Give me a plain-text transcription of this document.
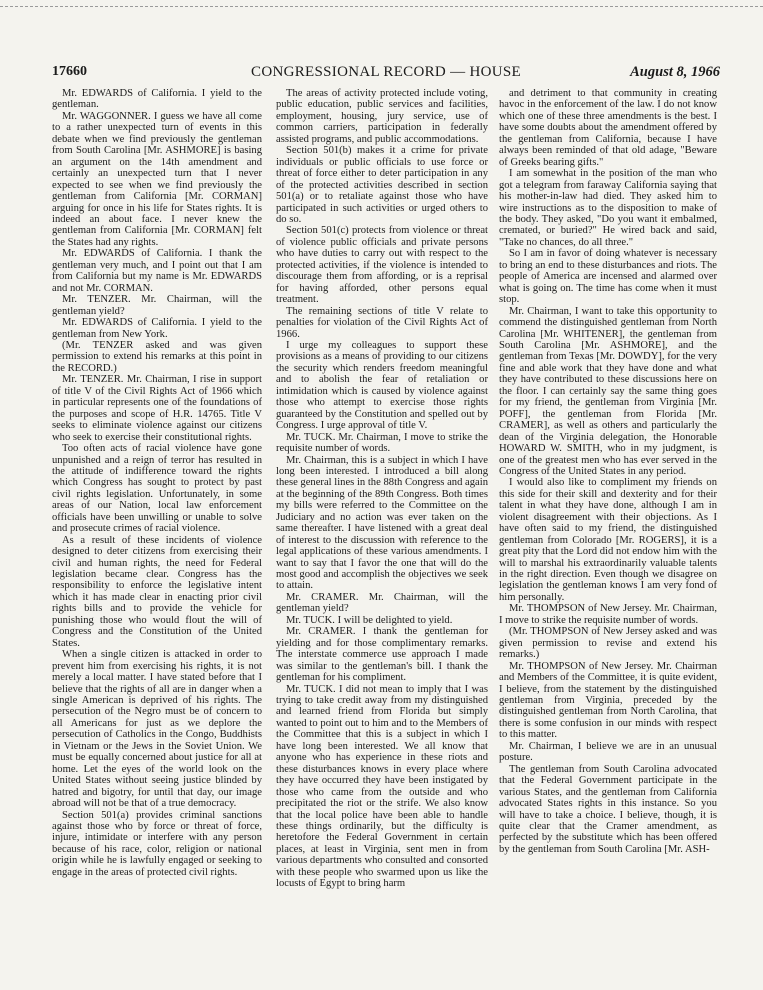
17660	CONGRESSIONAL RECORD — HOUSE	August 8, 1966

Mr. EDWARDS of California. I yield to the gentleman.

Mr. WAGGONNER. I guess we have all come to a rather unexpected turn of events in this debate when we find previously the gentleman from South Carolina [Mr. ASHMORE] is basing an argument on the 14th amendment and certainly an unexpected turn that I never expected to see when we find previously the gentleman from California [Mr. CORMAN] arguing for once in his life for States rights. It is indeed an about face. I never knew the gentleman from California [Mr. CORMAN] felt the States had any rights.

Mr. EDWARDS of California. I thank the gentleman very much, and I point out that I am from California but my name is Mr. EDWARDS and not Mr. CORMAN.

Mr. TENZER. Mr. Chairman, will the gentleman yield?

Mr. EDWARDS of California. I yield to the gentleman from New York.

(Mr. TENZER asked and was given permission to extend his remarks at this point in the RECORD.)

Mr. TENZER. Mr. Chairman, I rise in support of title V of the Civil Rights Act of 1966 which in particular represents one of the foundations of the purposes and scope of H.R. 14765. Title V seeks to eliminate violence against our citizens who seek to exercise their constitutional rights.

Too often acts of racial violence have gone unpunished and a reign of terror has resulted in the attitude of indifference toward the rights which Congress has sought to protect by past civil rights legislation. Unfortunately, in some areas of our Nation, local law enforcement officials have been unwilling or unable to solve and prosecute crimes of racial violence.

As a result of these incidents of violence designed to deter citizens from exercising their civil and human rights, the need for Federal legislation became clear. Congress has the responsibility to enforce the legislative intent which it has made clear in enacting prior civil rights bills and to provide the vehicle for punishing those who would flout the will of Congress and the Constitution of the United States.

When a single citizen is attacked in order to prevent him from exercising his rights, it is not merely a local matter. I have stated before that I believe that the rights of all are in danger when a single American is deprived of his rights. The persecution of the Negro must be of concern to all Americans for just as we deplore the persecution of Catholics in the Congo, Buddhists in Vietnam or the Jews in the Soviet Union. We must be equally concerned about justice for all at home. Let the eyes of the world look on the United States without seeing justice blinded by hatred and bigotry, for until that day, our image abroad will not be that of a true democracy.

Section 501(a) provides criminal sanctions against those who by force or threat of force, injure, intimidate or interfere with any person because of his race, color, religion or national origin while he is lawfully engaged or seeking to engage in the areas of protected civil rights.

The areas of activity protected include voting, public education, public services and facilities, employment, housing, jury service, use of common carriers, participation in federally assisted programs, and public accommodations.

Section 501(b) makes it a crime for private individuals or public officials to use force or threat of force either to deter participation in any of the protected activities described in section 501(a) or to retaliate against those who have participated in such activities or urged others to do so.

Section 501(c) protects from violence or threat of violence public officials and private persons who have duties to carry out with respect to the protected activities, if the violence is intended to discourage them from affording, or is a reprisal for having afforded, other persons equal treatment.

The remaining sections of title V relate to penalties for violation of the Civil Rights Act of 1966.

I urge my colleagues to support these provisions as a means of providing to our citizens the security which renders freedom meaningful and to abolish the fear of retaliation or intimidation which is caused by violence against those who attempt to exercise those rights guaranteed by the Constitution and spelled out by Congress. I urge approval of title V.

Mr. TUCK. Mr. Chairman, I move to strike the requisite number of words.

Mr. Chairman, this is a subject in which I have long been interested. I introduced a bill along these general lines in the 88th Congress and again at the beginning of the 89th Congress. Both times my bills were referred to the Committee on the Judiciary and no action was ever taken on the same thereafter. I have listened with a great deal of interest to the discussion with reference to the legal applications of these various amendments. I want to say that I favor the one that will do the most good and accomplish the objectives we seek to attain.

Mr. CRAMER. Mr. Chairman, will the gentleman yield?

Mr. TUCK. I will be delighted to yield.

Mr. CRAMER. I thank the gentleman for yielding and for those complimentary remarks. The interstate commerce use approach I made was similar to the gentleman's bill. I thank the gentleman for his compliment.

Mr. TUCK. I did not mean to imply that I was trying to take credit away from my distinguished and learned friend from Florida but simply wanted to point out to him and to the Members of the Committee that this is a subject in which I have long been interested. We all know that anyone who has experience in these riots and these disturbances knows in every place where they have occurred they have been instigated by those who came from the outside and who precipitated the riot or the strife. We also know that the local police have been able to handle these things ordinarily, but the difficulty is heretofore the Federal Government in certain places, at least in Virginia, sent men in from various departments who consulted and consorted with these people who swarmed upon us like the locusts of Egypt to bring harm

and detriment to that community in creating havoc in the enforcement of the law. I do not know which one of these three amendments is the best. I have some doubts about the amendment offered by the gentleman from California, because I have always been reminded of that old adage, "Beware of Greeks bearing gifts."

I am somewhat in the position of the man who got a telegram from faraway California saying that his mother-in-law had died. They asked him to wire instructions as to the disposition to make of the body. They asked, "Do you want it embalmed, cremated, or buried?" He wired back and said, "Take no chances, do all three."

So I am in favor of doing whatever is necessary to bring an end to these disturbances and riots. The people of America are incensed and alarmed over what is going on. The time has come when it must stop.

Mr. Chairman, I want to take this opportunity to commend the distinguished gentleman from North Carolina [Mr. WHITENER], the gentleman from South Carolina [Mr. ASHMORE], and the gentleman from Texas [Mr. DOWDY], for the very fine and able work that they have done and what they have contributed to these discussions here on the floor. I can certainly say the same thing goes for my friend, the gentleman from Virginia [Mr. POFF], the gentleman from Florida [Mr. CRAMER], as well as others and particularly the dean of the Virginia delegation, the Honorable HOWARD W. SMITH, who in my judgment, is one of the greatest men who has ever served in the Congress of the United States in any period.

I would also like to compliment my friends on this side for their skill and dexterity and for their talent in what they have done, although I am in violent disagreement with their objections. As I have often said to my friend, the distinguished gentleman from Colorado [Mr. ROGERS], it is a great pity that the Lord did not endow him with the will to marshal his extraordinarily valuable talents in the right direction. Even though we disagree on legislation the gentleman knows I am very fond of him personally.

Mr. THOMPSON of New Jersey. Mr. Chairman, I move to strike the requisite number of words.

(Mr. THOMPSON of New Jersey asked and was given permission to revise and extend his remarks.)

Mr. THOMPSON of New Jersey. Mr. Chairman and Members of the Committee, it is quite evident, I believe, from the statement by the distinguished gentleman from Virginia, preceded by the distinguished gentleman from North Carolina, that there is some confusion in our minds with respect to this matter.

Mr. Chairman, I believe we are in an unusual posture.

The gentleman from South Carolina advocated that the Federal Government participate in the various States, and the gentleman from California advocated States rights in this instance. So you will have to take a choice. I believe, though, it is quite clear that the Cramer amendment, as perfected by the substitute which has been offered by the gentleman from South Carolina [Mr. ASH-
